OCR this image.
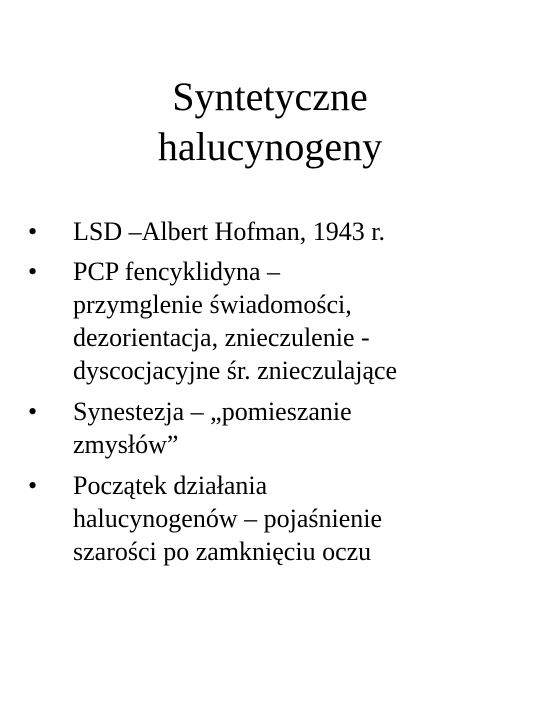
Syntetyczne
halucynogeny
•	LSD –Albert Hofman, 1943 r.
•	PCP fencyklidyna –
przymglenie świadomości,
dezorientacja, znieczulenie -
dyscocjacyjne śr. znieczulające
•	Synestezja – „pomieszanie
zmysłów”
•	Początek działania
halucynogenów – pojaśnienie
szarości po zamknięciu oczu
